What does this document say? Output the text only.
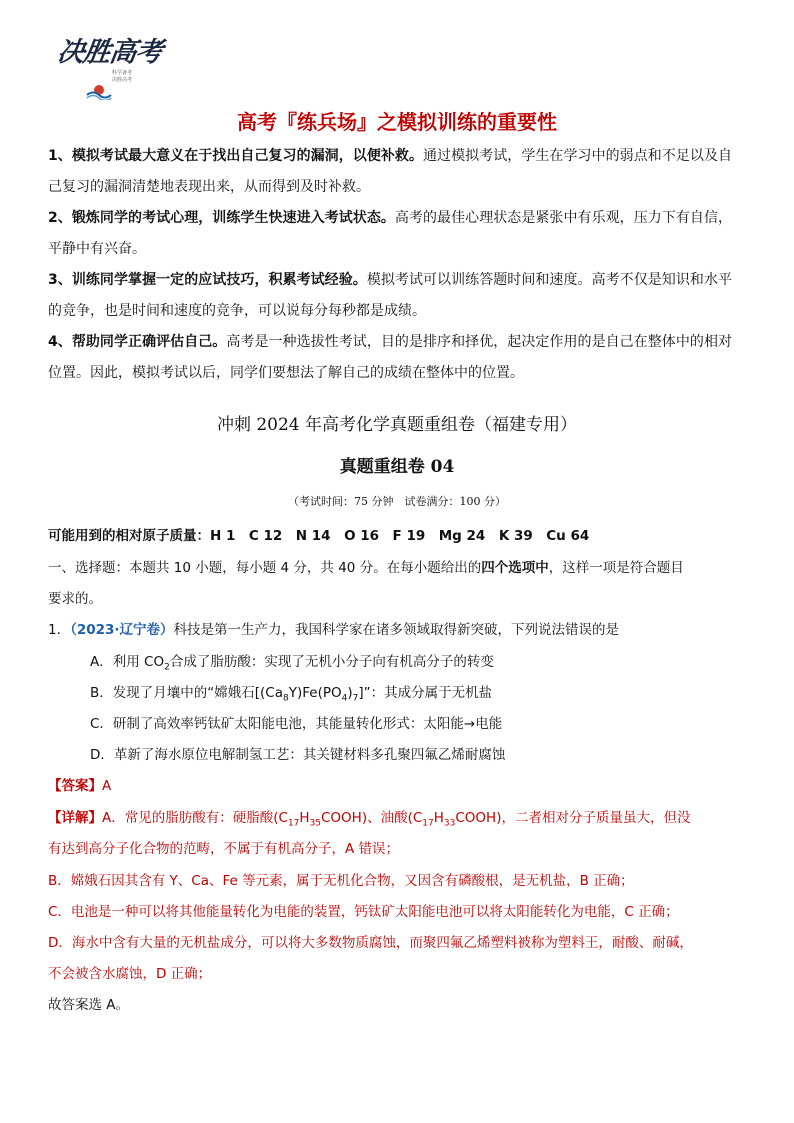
决胜高考
科学备考
决胜高考
高考『练兵场』之模拟训练的重要性
1、模拟考试最大意义在于找出自己复习的漏洞，以便补救。通过模拟考试，学生在学习中的弱点和不足以及自己复习的漏洞清楚地表现出来，从而得到及时补救。
2、锻炼同学的考试心理，训练学生快速进入考试状态。高考的最佳心理状态是紧张中有乐观，压力下有自信，平静中有兴奋。
3、训练同学掌握一定的应试技巧，积累考试经验。模拟考试可以训练答题时间和速度。高考不仅是知识和水平的竞争，也是时间和速度的竞争，可以说每分每秒都是成绩。
4、帮助同学正确评估自己。高考是一种选拔性考试，目的是排序和择优，起决定作用的是自己在整体中的相对位置。因此，模拟考试以后，同学们要想法了解自己的成绩在整体中的位置。
冲刺 2024 年高考化学真题重组卷（福建专用）
真题重组卷 04
（考试时间：75 分钟　试卷满分：100 分）
可能用到的相对原子质量：H 1　C 12　N 14　O 16　F 19　Mg 24　K 39　Cu 64
一、选择题：本题共 10 小题，每小题 4 分，共 40 分。在每小题给出的四个选项中，这样一项是符合题目
要求的。
1．（2023·辽宁卷）科技是第一生产力，我国科学家在诸多领域取得新突破，下列说法错误的是
A．利用 $CO_2$合成了脂肪酸：实现了无机小分子向有机高分子的转变
B．发现了月壤中的“嫦娥石$[(Ca_8Y)Fe(PO_4)_7]$”：其成分属于无机盐
C．研制了高效率钙钛矿太阳能电池，其能量转化形式：太阳能→电能
D．革新了海水原位电解制氢工艺：其关键材料多孔聚四氟乙烯耐腐蚀
【答案】A
【详解】A．常见的脂肪酸有：硬脂酸$(C_{17}H_{35}COOH)$、油酸$(C_{17}H_{33}COOH)$，二者相对分子质量虽大，但没
有达到高分子化合物的范畴，不属于有机高分子，A 错误；
B．嫦娥石因其含有 Y、Ca、Fe 等元素，属于无机化合物，又因含有磷酸根，是无机盐，B 正确；
C．电池是一种可以将其他能量转化为电能的装置，钙钛矿太阳能电池可以将太阳能转化为电能，C 正确；
D．海水中含有大量的无机盐成分，可以将大多数物质腐蚀，而聚四氟乙烯塑料被称为塑料王，耐酸、耐碱，
不会被含水腐蚀，D 正确；
故答案选 A。
